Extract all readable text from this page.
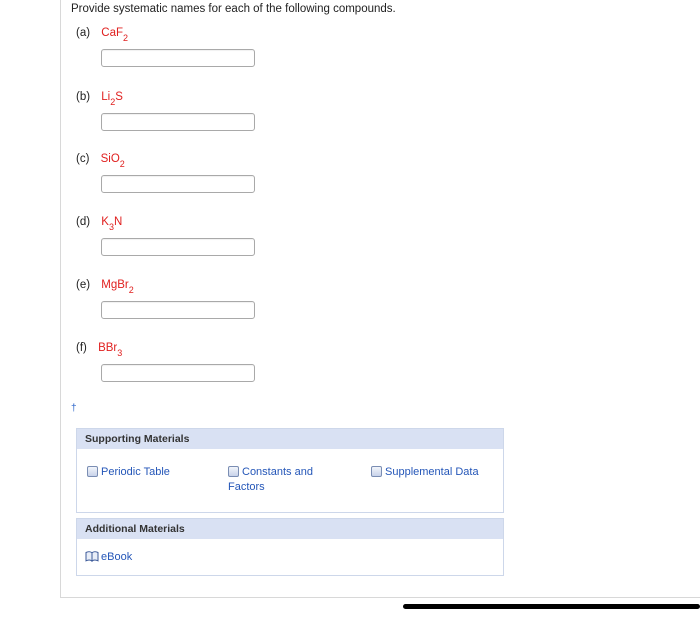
Provide systematic names for each of the following compounds.
(a) CaF$_2$
(b) $Li_2S$
(c) SiO$_2$
(d) $K_3N$
(e) MgBr$_2$
(f) BBr$_3$
†
Supporting Materials
Periodic Table	Constants and Factors
Supplemental Data
Additional Materials
eBook
